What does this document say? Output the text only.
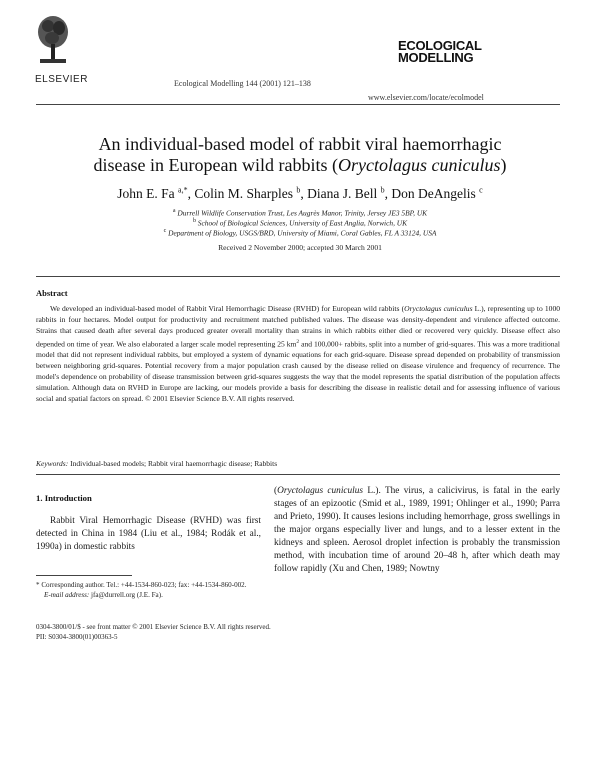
ELSEVIER	Ecological Modelling 144 (2001) 121–138
ECOLOGICAL
MODELLING
www.elsevier.com/locate/ecolmodel
An individual-based model of rabbit viral haemorrhagic
disease in European wild rabbits (Oryctolagus cuniculus)
John E. Fa $^{a,*}$, Colin M. Sharples $^b$, Diana J. Bell $^b$, Don DeAngelis $^c$
$^a$ Durrell Wildlife Conservation Trust, Les Augrès Manor, Trinity, Jersey JE3 5BP, UK
$^b$ School of Biological Sciences, University of East Anglia, Norwich, UK
$^c$ Department of Biology, USGS/BRD, University of Miami, Coral Gables, FL A 33124, USA
Received 2 November 2000; accepted 30 March 2001
Abstract
We developed an individual-based model of Rabbit Viral Hemorrhagic Disease (RVHD) for European wild rabbits (Oryctolagus cuniculus L.), representing up to 1000 rabbits in four hectares. Model output for productivity and recruitment matched published values. The disease was density-dependent and virulence affected outcome. Strains that caused death after several days produced greater overall mortality than strains in which rabbits either died or recovered very quickly. Disease effect also depended on time of year. We also elaborated a larger scale model representing 25 $km^2$ and 100,000+ rabbits, split into a number of grid-squares. This was a more traditional model that did not represent individual rabbits, but employed a system of dynamic equations for each grid-square. Disease spread depended on probability of transmission between neighboring grid-squares. Potential recovery from a major population crash caused by the disease relied on disease virulence and frequency of recurrence. The model's dependence on probability of disease transmission between grid-squares suggests the way that the model represents the spatial distribution of the population affects simulation. Although data on RVHD in Europe are lacking, our models provide a basis for describing the disease in realistic detail and for assessing influence of various social and spatial factors on spread. © 2001 Elsevier Science B.V. All rights reserved.
Keywords: Individual-based models; Rabbit viral haemorrhagic disease; Rabbits
1. Introduction
Rabbit Viral Hemorrhagic Disease (RVHD) was first detected in China in 1984 (Liu et al., 1984; Rodák et al., 1990a) in domestic rabbits
(Oryctolagus cuniculus L.). The virus, a calicivirus, is fatal in the early stages of an epizootic (Smid et al., 1989, 1991; Ohlinger et al., 1990; Parra and Prieto, 1990). It causes lesions including hemorrhage, gross swellings in the major organs especially liver and lungs, and to a lesser extent in the kidneys and spleen. Aerosol droplet infection is probably the transmission method, with incubation time of around 20–48 h, after which death may follow rapidly (Xu and Chen, 1989; Nowtny
* Corresponding author. Tel.: +44-1534-860-023; fax: +44-1534-860-002.
E-mail address: jfa@durrell.org (J.E. Fa).
0304-3800/01/$ - see front matter © 2001 Elsevier Science B.V. All rights reserved.
PII: S0304-3800(01)00363-5
